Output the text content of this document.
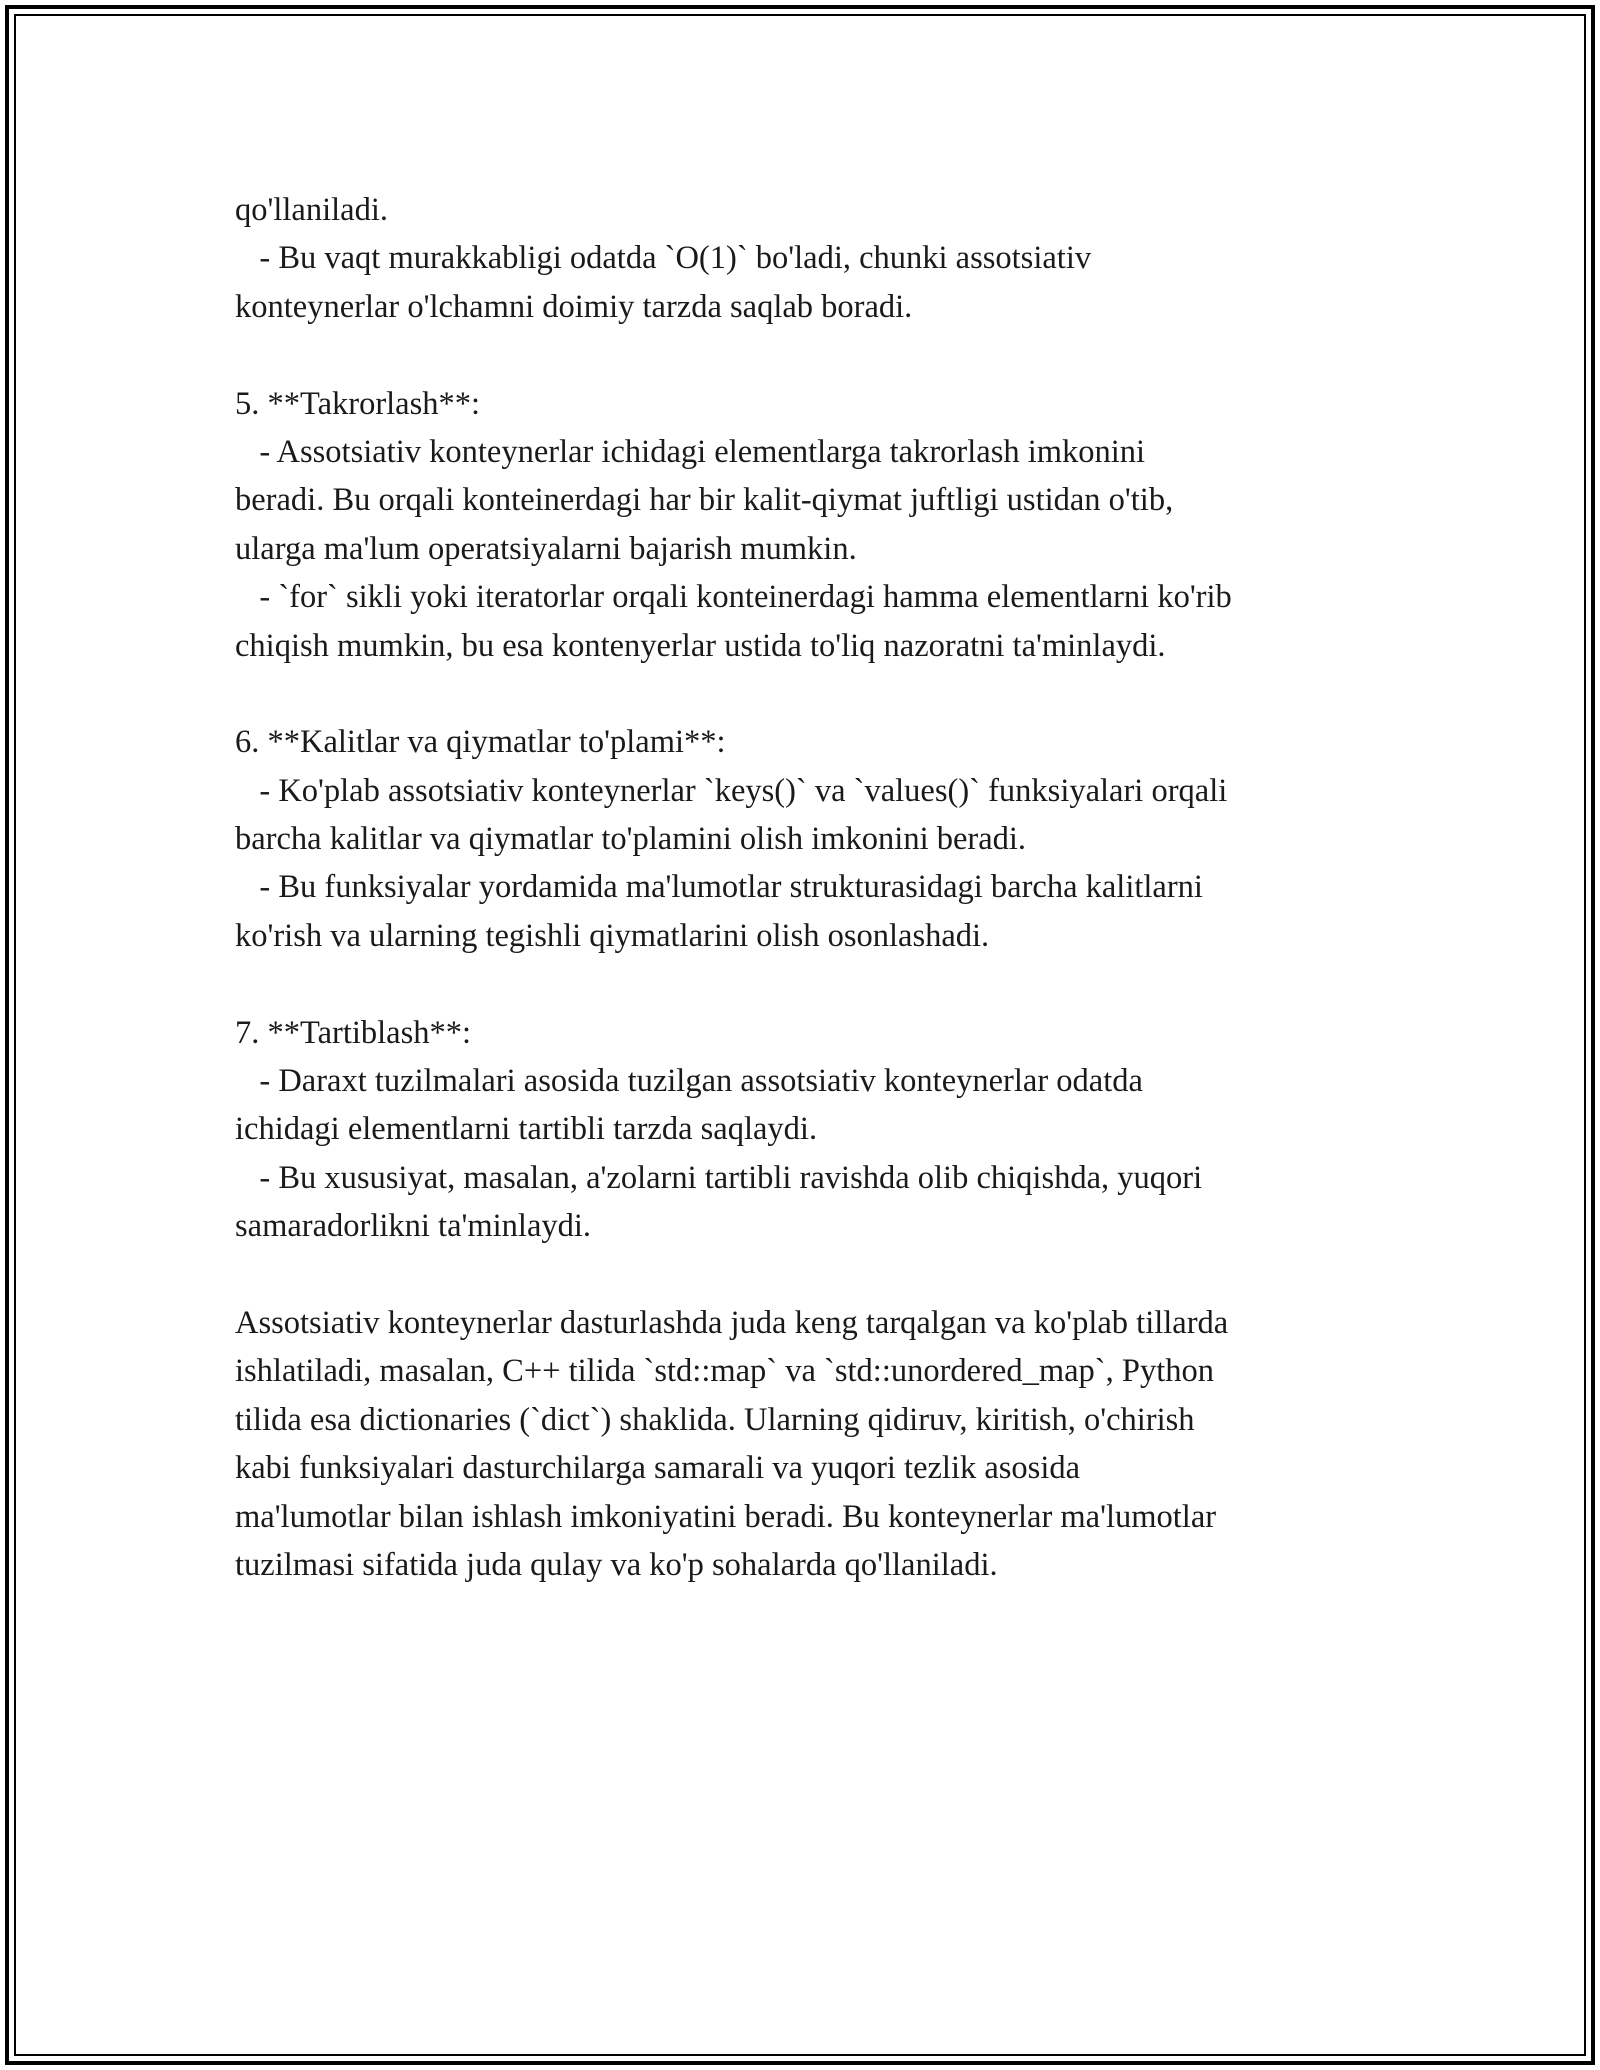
qo'llaniladi.
- Bu vaqt murakkabligi odatda `O(1)` bo'ladi, chunki assotsiativ
konteynerlar o'lchamni doimiy tarzda saqlab boradi.
5. **Takrorlash**:
- Assotsiativ konteynerlar ichidagi elementlarga takrorlash imkonini
beradi. Bu orqali konteinerdagi har bir kalit-qiymat juftligi ustidan o'tib,
ularga ma'lum operatsiyalarni bajarish mumkin.
- `for` sikli yoki iteratorlar orqali konteinerdagi hamma elementlarni ko'rib
chiqish mumkin, bu esa kontenyerlar ustida to'liq nazoratni ta'minlaydi.
6. **Kalitlar va qiymatlar to'plami**:
- Ko'plab assotsiativ konteynerlar `keys()` va `values()` funksiyalari orqali
barcha kalitlar va qiymatlar to'plamini olish imkonini beradi.
- Bu funksiyalar yordamida ma'lumotlar strukturasidagi barcha kalitlarni
ko'rish va ularning tegishli qiymatlarini olish osonlashadi.
7. **Tartiblash**:
- Daraxt tuzilmalari asosida tuzilgan assotsiativ konteynerlar odatda
ichidagi elementlarni tartibli tarzda saqlaydi.
- Bu xususiyat, masalan, a'zolarni tartibli ravishda olib chiqishda, yuqori
samaradorlikni ta'minlaydi.
Assotsiativ konteynerlar dasturlashda juda keng tarqalgan va ko'plab tillarda
ishlatiladi, masalan, C++ tilida `std::map` va `std::unordered_map`, Python
tilida esa dictionaries (`dict`) shaklida. Ularning qidiruv, kiritish, o'chirish
kabi funksiyalari dasturchilarga samarali va yuqori tezlik asosida
ma'lumotlar bilan ishlash imkoniyatini beradi. Bu konteynerlar ma'lumotlar
tuzilmasi sifatida juda qulay va ko'p sohalarda qo'llaniladi.
